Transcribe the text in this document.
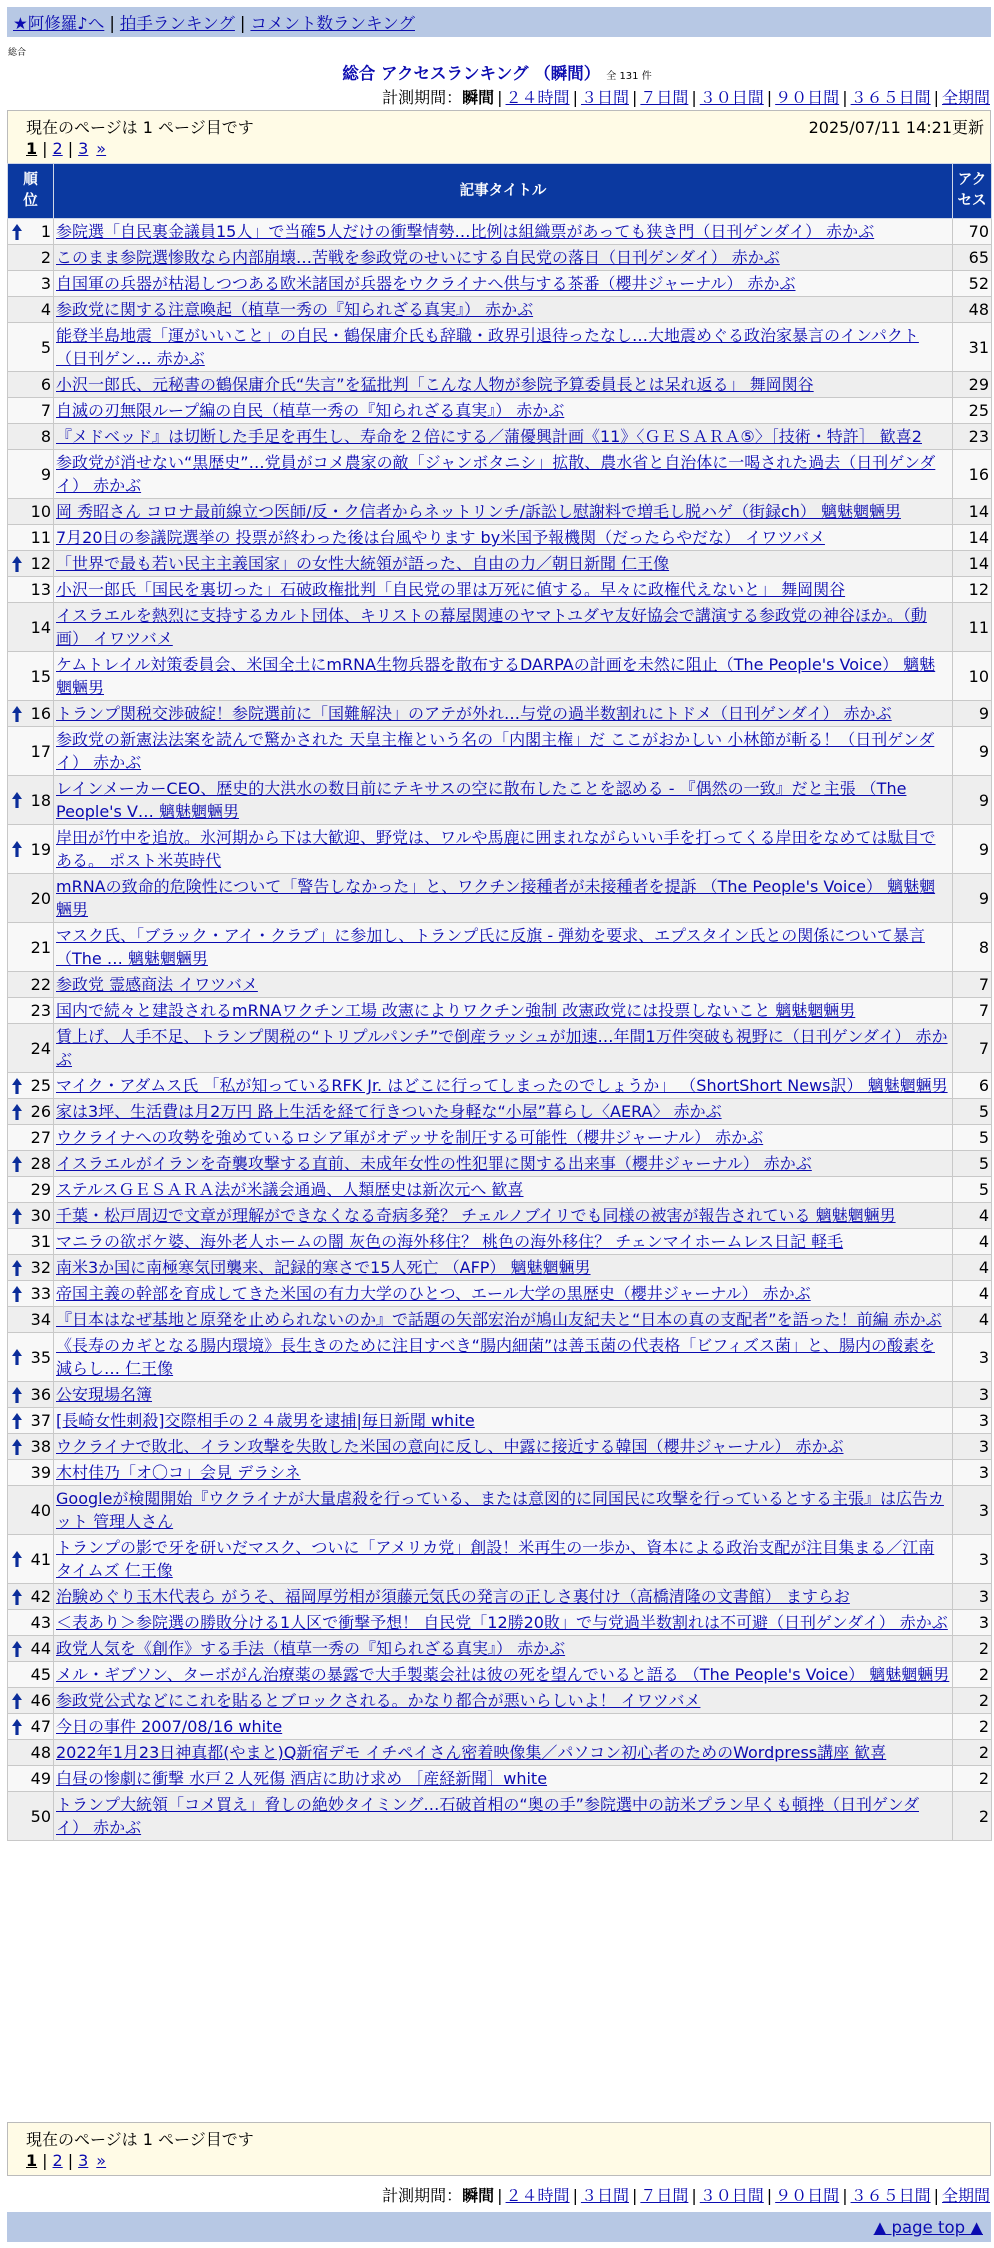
★阿修羅♪へ | 拍手ランキング | コメント数ランキング
総合
総合 アクセスランキング （瞬間） 全 131 件
計測期間：瞬間 | ２４時間 | ３日間 | ７日間 | ３０日間 | ９０日間 | ３６５日間 | 全期間
現在のページは 1 ページ目です	2025/07/11 14:21更新
1 | 2 | 3 »
順位	記事タイトル	アクセス

1	参院選「自民裏金議員15人」で当確5人だけの衝撃情勢…比例は組織票があっても狭き門（日刊ゲンダイ） 赤かぶ	70
2	このまま参院選惨敗なら内部崩壊…苦戦を参政党のせいにする自民党の落日（日刊ゲンダイ） 赤かぶ	65
3	自国軍の兵器が枯渇しつつある欧米諸国が兵器をウクライナへ供与する茶番（櫻井ジャーナル） 赤かぶ	52
4	参政党に関する注意喚起（植草一秀の『知られざる真実』） 赤かぶ	48
5	能登半島地震「運がいいこと」の自民・鶴保庸介氏も辞職・政界引退待ったなし…大地震めぐる政治家暴言のインパクト（日刊ゲン… 赤かぶ	31
6	小沢一郎氏、元秘書の鶴保庸介氏“失言”を猛批判「こんな人物が参院予算委員長とは呆れ返る」 舞岡関谷	29
7	自滅の刃無限ループ編の自民（植草一秀の『知られざる真実』） 赤かぶ	25
8	『メドベッド』は切断した手足を再生し、寿命を２倍にする／蒲優興計画《11》〈ＧＥＳＡＲＡ⑤〉［技術・特許］ 歓喜2	23
9	参政党が消せない“黒歴史”…党員がコメ農家の敵「ジャンボタニシ」拡散、農水省と自治体に一喝された過去（日刊ゲンダイ） 赤かぶ	16
10	岡 秀昭さん コロナ最前線立つ医師/反・ク信者からネットリンチ/訴訟し慰謝料で増毛し脱ハゲ（街録ch） 魑魅魍魎男	14
11	7月20日の参議院選挙の 投票が終わった後は台風やります by米国予報機関（だったらやだな） イワツバメ	14

12	「世界で最も若い民主主義国家」の女性大統領が語った、自由の力／朝日新聞 仁王像	14
13	小沢一郎氏「国民を裏切った」石破政権批判「自民党の罪は万死に値する。早々に政権代えないと」 舞岡関谷	12
14	イスラエルを熱烈に支持するカルト団体、キリストの幕屋関連のヤマトユダヤ友好協会で講演する参政党の神谷ほか。（動画） イワツバメ	11
15	ケムトレイル対策委員会、米国全土にmRNA生物兵器を散布するDARPAの計画を未然に阻止（The People's Voice） 魑魅魍魎男	10

16	トランプ関税交渉破綻！参院選前に「国難解決」のアテが外れ…与党の過半数割れにトドメ（日刊ゲンダイ） 赤かぶ	9
17	参政党の新憲法法案を読んで驚かされた 天皇主権という名の「内閣主権」だ ここがおかしい 小林節が斬る！（日刊ゲンダイ） 赤かぶ	9

18	レインメーカーCEO、歴史的大洪水の数日前にテキサスの空に散布したことを認める - 『偶然の一致』だと主張 （The People's V… 魑魅魍魎男	9

19	岸田が竹中を追放。氷河期から下は大歓迎、野党は、ワルや馬鹿に囲まれながらいい手を打ってくる岸田をなめては駄目である。 ポスト米英時代	9
20	mRNAの致命的危険性について「警告しなかった」と、ワクチン接種者が未接種者を提訴 （The People's Voice） 魑魅魍魎男	9
21	マスク氏、「ブラック・アイ・クラブ」に参加し、トランプ氏に反旗 - 弾劾を要求、エプスタイン氏との関係について暴言（The … 魑魅魍魎男	8
22	参政党 霊感商法 イワツバメ	7
23	国内で続々と建設されるmRNAワクチン工場 改憲によりワクチン強制 改憲政党には投票しないこと 魑魅魍魎男	7
24	賃上げ、人手不足、トランプ関税の“トリプルパンチ”で倒産ラッシュが加速…年間1万件突破も視野に（日刊ゲンダイ） 赤かぶ	7

25	マイク・アダムス氏 「私が知っているRFK Jr. はどこに行ってしまったのでしょうか」 （ShortShort News訳） 魑魅魍魎男	6

26	家は3坪、生活費は月2万円 路上生活を経て行きついた身軽な“小屋”暮らし〈AERA〉 赤かぶ	5
27	ウクライナへの攻勢を強めているロシア軍がオデッサを制圧する可能性（櫻井ジャーナル） 赤かぶ	5

28	イスラエルがイランを奇襲攻撃する直前、未成年女性の性犯罪に関する出来事（櫻井ジャーナル） 赤かぶ	5
29	ステルスＧＥＳＡＲＡ法が米議会通過、人類歴史は新次元へ 歓喜	5

30	千葉・松戸周辺で文章が理解ができなくなる奇病多発？ チェルノブイリでも同様の被害が報告されている 魑魅魍魎男	4
31	マニラの欲ボケ婆、海外老人ホームの闇 灰色の海外移住？ 桃色の海外移住？ チェンマイホームレス日記 軽毛	4

32	南米3か国に南極寒気団襲来、記録的寒さで15人死亡 （AFP） 魑魅魍魎男	4

33	帝国主義の幹部を育成してきた米国の有力大学のひとつ、エール大学の黒歴史（櫻井ジャーナル） 赤かぶ	4
34	『日本はなぜ基地と原発を止められないのか』で話題の矢部宏治が鳩山友紀夫と“日本の真の支配者”を語った！前編 赤かぶ	4

35	《長寿のカギとなる腸内環境》長生きのために注目すべき“腸内細菌”は善玉菌の代表格「ビフィズス菌」と、腸内の酸素を減らし… 仁王像	3

36	公安現場名簿	3

37	[長崎女性刺殺]交際相手の２４歳男を逮捕|毎日新聞 white	3

38	ウクライナで敗北、イラン攻撃を失敗した米国の意向に反し、中露に接近する韓国（櫻井ジャーナル） 赤かぶ	3
39	木村佳乃「オ〇コ」会見 デラシネ	3
40	Googleが検閲開始『ウクライナが大量虐殺を行っている、または意図的に同国民に攻撃を行っているとする主張』は広告カット 管理人さん	3

41	トランプの影で牙を研いだマスク、ついに「アメリカ党」創設！米再生の一歩か、資本による政治支配が注目集まる／江南タイムズ 仁王像	3

42	治験めぐり玉木代表ら がうそ、福岡厚労相が須藤元気氏の発言の正しさ裏付け（高橋清隆の文書館） ますらお	3
43	＜表あり＞参院選の勝敗分ける1人区で衝撃予想！ 自民党「12勝20敗」で与党過半数割れは不可避（日刊ゲンダイ） 赤かぶ	3

44	政党人気を《創作》する手法（植草一秀の『知られざる真実』） 赤かぶ	2
45	メル・ギブソン、ターボがん治療薬の暴露で大手製薬会社は彼の死を望んでいると語る （The People's Voice） 魑魅魍魎男	2

46	参政党公式などにこれを貼るとブロックされる。かなり都合が悪いらしいよ！ イワツバメ	2

47	今日の事件 2007/08/16 white	2
48	2022年1月23日神真都(やまと)Q新宿デモ イチペイさん密着映像集／パソコン初心者のためのWordpress講座 歓喜	2
49	白昼の惨劇に衝撃 水戸２人死傷 酒店に助け求め ［産経新聞］white	2
50	トランプ大統領「コメ買え」脅しの絶妙タイミング…石破首相の“奥の手”参院選中の訪米プラン早くも頓挫（日刊ゲンダイ） 赤かぶ	2
現在のページは 1 ページ目です
1 | 2 | 3 »
計測期間：瞬間 | ２４時間 | ３日間 | ７日間 | ３０日間 | ９０日間 | ３６５日間 | 全期間
▲ page top ▲
